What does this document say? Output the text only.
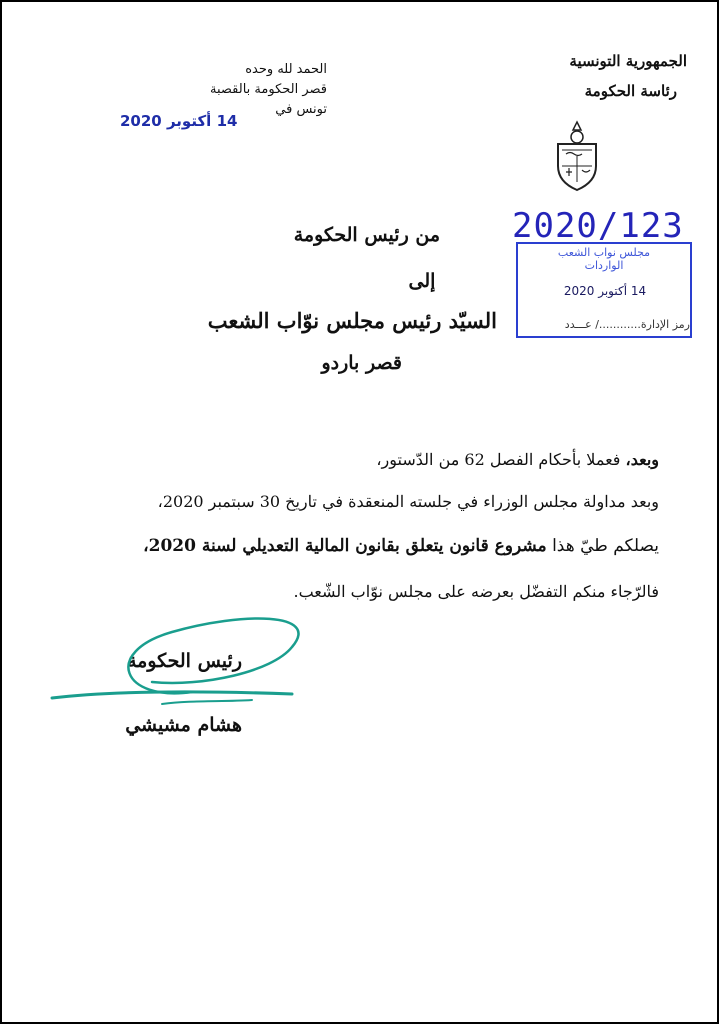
الجمهورية التونسية
رئاسة الحكومة
الحمد لله وحده
قصر الحكومة بالقصبة
تونس في
14 أكتوبر 2020
من رئيس الحكومة
إلى
السيّد رئيس مجلس نوّاب الشعب
قصر باردو
2020/123
مجلس نواب الشعب
الواردات
14 أكتوبر 2020
رمز الإدارة............/ عـــدد
وبعد، فعملا بأحكام الفصل 62 من الدّستور،
وبعد مداولة مجلس الوزراء في جلسته المنعقدة في تاريخ 30 سبتمبر 2020،
يصلكم طيّ هذا مشروع قانون يتعلق بقانون المالية التعديلي لسنة 2020،
فالرّجاء منكم التفضّل بعرضه على مجلس نوّاب الشّعب.
رئيس الحكومة
هشام مشيشي
